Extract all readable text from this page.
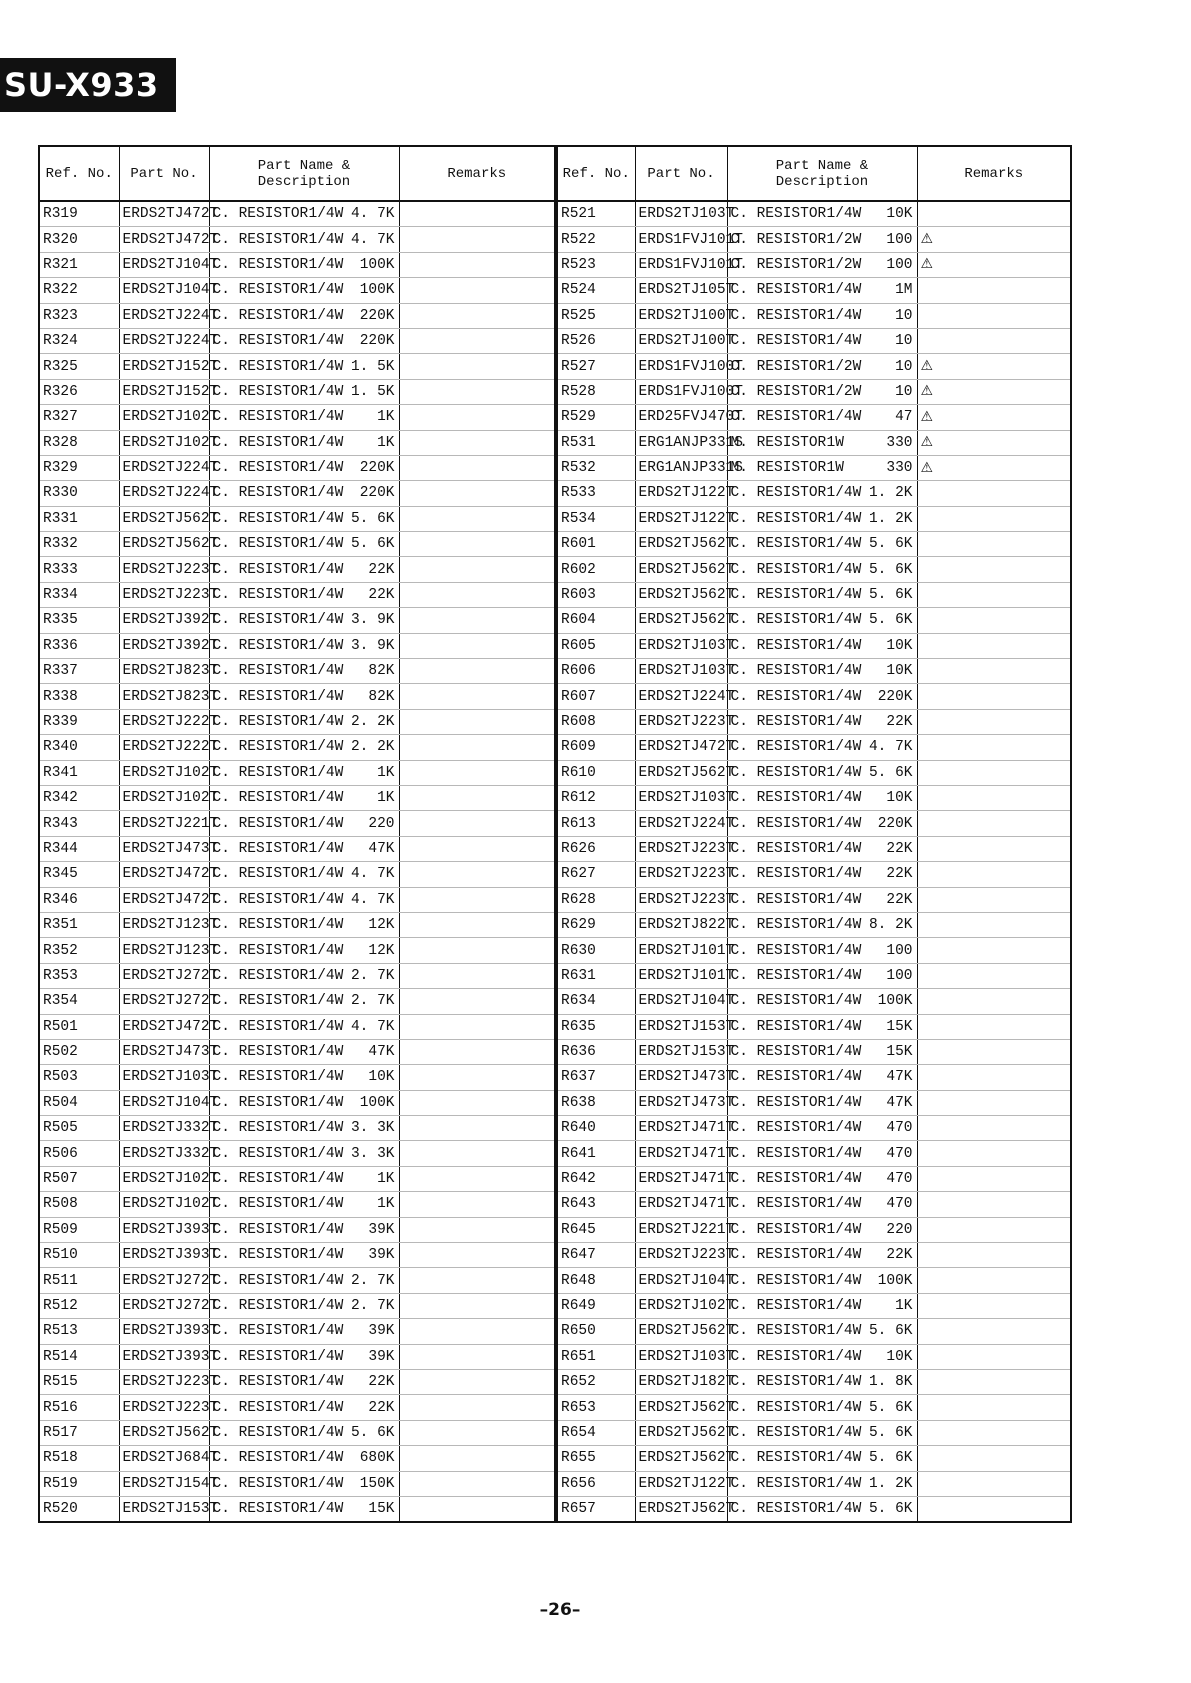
SU-X933
Ref. No.	Part No.	Part Name & Description	Remarks
R319	ERDS2TJ472T	C. RESISTOR1/4W 4. 7K	
R320	ERDS2TJ472T	C. RESISTOR1/4W 4. 7K	
R321	ERDS2TJ104T	C. RESISTOR1/4W 100K	
R322	ERDS2TJ104T	C. RESISTOR1/4W 100K	
R323	ERDS2TJ224T	C. RESISTOR1/4W 220K	
R324	ERDS2TJ224T	C. RESISTOR1/4W 220K	
R325	ERDS2TJ152T	C. RESISTOR1/4W 1. 5K	
R326	ERDS2TJ152T	C. RESISTOR1/4W 1. 5K	
R327	ERDS2TJ102T	C. RESISTOR1/4W 1K	
R328	ERDS2TJ102T	C. RESISTOR1/4W 1K	
R329	ERDS2TJ224T	C. RESISTOR1/4W 220K	
R330	ERDS2TJ224T	C. RESISTOR1/4W 220K	
R331	ERDS2TJ562T	C. RESISTOR1/4W 5. 6K	
R332	ERDS2TJ562T	C. RESISTOR1/4W 5. 6K	
R333	ERDS2TJ223T	C. RESISTOR1/4W 22K	
R334	ERDS2TJ223T	C. RESISTOR1/4W 22K	
R335	ERDS2TJ392T	C. RESISTOR1/4W 3. 9K	
R336	ERDS2TJ392T	C. RESISTOR1/4W 3. 9K	
R337	ERDS2TJ823T	C. RESISTOR1/4W 82K	
R338	ERDS2TJ823T	C. RESISTOR1/4W 82K	
R339	ERDS2TJ222T	C. RESISTOR1/4W 2. 2K	
R340	ERDS2TJ222T	C. RESISTOR1/4W 2. 2K	
R341	ERDS2TJ102T	C. RESISTOR1/4W 1K	
R342	ERDS2TJ102T	C. RESISTOR1/4W 1K	
R343	ERDS2TJ221T	C. RESISTOR1/4W 220	
R344	ERDS2TJ473T	C. RESISTOR1/4W 47K	
R345	ERDS2TJ472T	C. RESISTOR1/4W 4. 7K	
R346	ERDS2TJ472T	C. RESISTOR1/4W 4. 7K	
R351	ERDS2TJ123T	C. RESISTOR1/4W 12K	
R352	ERDS2TJ123T	C. RESISTOR1/4W 12K	
R353	ERDS2TJ272T	C. RESISTOR1/4W 2. 7K	
R354	ERDS2TJ272T	C. RESISTOR1/4W 2. 7K	
R501	ERDS2TJ472T	C. RESISTOR1/4W 4. 7K	
R502	ERDS2TJ473T	C. RESISTOR1/4W 47K	
R503	ERDS2TJ103T	C. RESISTOR1/4W 10K	
R504	ERDS2TJ104T	C. RESISTOR1/4W 100K	
R505	ERDS2TJ332T	C. RESISTOR1/4W 3. 3K	
R506	ERDS2TJ332T	C. RESISTOR1/4W 3. 3K	
R507	ERDS2TJ102T	C. RESISTOR1/4W 1K	
R508	ERDS2TJ102T	C. RESISTOR1/4W 1K	
R509	ERDS2TJ393T	C. RESISTOR1/4W 39K	
R510	ERDS2TJ393T	C. RESISTOR1/4W 39K	
R511	ERDS2TJ272T	C. RESISTOR1/4W 2. 7K	
R512	ERDS2TJ272T	C. RESISTOR1/4W 2. 7K	
R513	ERDS2TJ393T	C. RESISTOR1/4W 39K	
R514	ERDS2TJ393T	C. RESISTOR1/4W 39K	
R515	ERDS2TJ223T	C. RESISTOR1/4W 22K	
R516	ERDS2TJ223T	C. RESISTOR1/4W 22K	
R517	ERDS2TJ562T	C. RESISTOR1/4W 5. 6K	
R518	ERDS2TJ684T	C. RESISTOR1/4W 680K	
R519	ERDS2TJ154T	C. RESISTOR1/4W 150K	
R520	ERDS2TJ153T	C. RESISTOR1/4W 15K	
Ref. No.	Part No.	Part Name & Description	Remarks
R521	ERDS2TJ103T	C. RESISTOR1/4W 10K	
R522	ERDS1FVJ101T	C. RESISTOR1/2W 100	⚠
R523	ERDS1FVJ101T	C. RESISTOR1/2W 100	⚠
R524	ERDS2TJ105T	C. RESISTOR1/4W 1M	
R525	ERDS2TJ100T	C. RESISTOR1/4W 10	
R526	ERDS2TJ100T	C. RESISTOR1/4W 10	
R527	ERDS1FVJ100T	C. RESISTOR1/2W 10	⚠
R528	ERDS1FVJ100T	C. RESISTOR1/2W 10	⚠
R529	ERD25FVJ470T	C. RESISTOR1/4W 47	⚠
R531	ERG1ANJP331S	M. RESISTOR1W 330	⚠
R532	ERG1ANJP331S	M. RESISTOR1W 330	⚠
R533	ERDS2TJ122T	C. RESISTOR1/4W 1. 2K	
R534	ERDS2TJ122T	C. RESISTOR1/4W 1. 2K	
R601	ERDS2TJ562T	C. RESISTOR1/4W 5. 6K	
R602	ERDS2TJ562T	C. RESISTOR1/4W 5. 6K	
R603	ERDS2TJ562T	C. RESISTOR1/4W 5. 6K	
R604	ERDS2TJ562T	C. RESISTOR1/4W 5. 6K	
R605	ERDS2TJ103T	C. RESISTOR1/4W 10K	
R606	ERDS2TJ103T	C. RESISTOR1/4W 10K	
R607	ERDS2TJ224T	C. RESISTOR1/4W 220K	
R608	ERDS2TJ223T	C. RESISTOR1/4W 22K	
R609	ERDS2TJ472T	C. RESISTOR1/4W 4. 7K	
R610	ERDS2TJ562T	C. RESISTOR1/4W 5. 6K	
R612	ERDS2TJ103T	C. RESISTOR1/4W 10K	
R613	ERDS2TJ224T	C. RESISTOR1/4W 220K	
R626	ERDS2TJ223T	C. RESISTOR1/4W 22K	
R627	ERDS2TJ223T	C. RESISTOR1/4W 22K	
R628	ERDS2TJ223T	C. RESISTOR1/4W 22K	
R629	ERDS2TJ822T	C. RESISTOR1/4W 8. 2K	
R630	ERDS2TJ101T	C. RESISTOR1/4W 100	
R631	ERDS2TJ101T	C. RESISTOR1/4W 100	
R634	ERDS2TJ104T	C. RESISTOR1/4W 100K	
R635	ERDS2TJ153T	C. RESISTOR1/4W 15K	
R636	ERDS2TJ153T	C. RESISTOR1/4W 15K	
R637	ERDS2TJ473T	C. RESISTOR1/4W 47K	
R638	ERDS2TJ473T	C. RESISTOR1/4W 47K	
R640	ERDS2TJ471T	C. RESISTOR1/4W 470	
R641	ERDS2TJ471T	C. RESISTOR1/4W 470	
R642	ERDS2TJ471T	C. RESISTOR1/4W 470	
R643	ERDS2TJ471T	C. RESISTOR1/4W 470	
R645	ERDS2TJ221T	C. RESISTOR1/4W 220	
R647	ERDS2TJ223T	C. RESISTOR1/4W 22K	
R648	ERDS2TJ104T	C. RESISTOR1/4W 100K	
R649	ERDS2TJ102T	C. RESISTOR1/4W 1K	
R650	ERDS2TJ562T	C. RESISTOR1/4W 5. 6K	
R651	ERDS2TJ103T	C. RESISTOR1/4W 10K	
R652	ERDS2TJ182T	C. RESISTOR1/4W 1. 8K	
R653	ERDS2TJ562T	C. RESISTOR1/4W 5. 6K	
R654	ERDS2TJ562T	C. RESISTOR1/4W 5. 6K	
R655	ERDS2TJ562T	C. RESISTOR1/4W 5. 6K	
R656	ERDS2TJ122T	C. RESISTOR1/4W 1. 2K	
R657	ERDS2TJ562T	C. RESISTOR1/4W 5. 6K	
–26–
